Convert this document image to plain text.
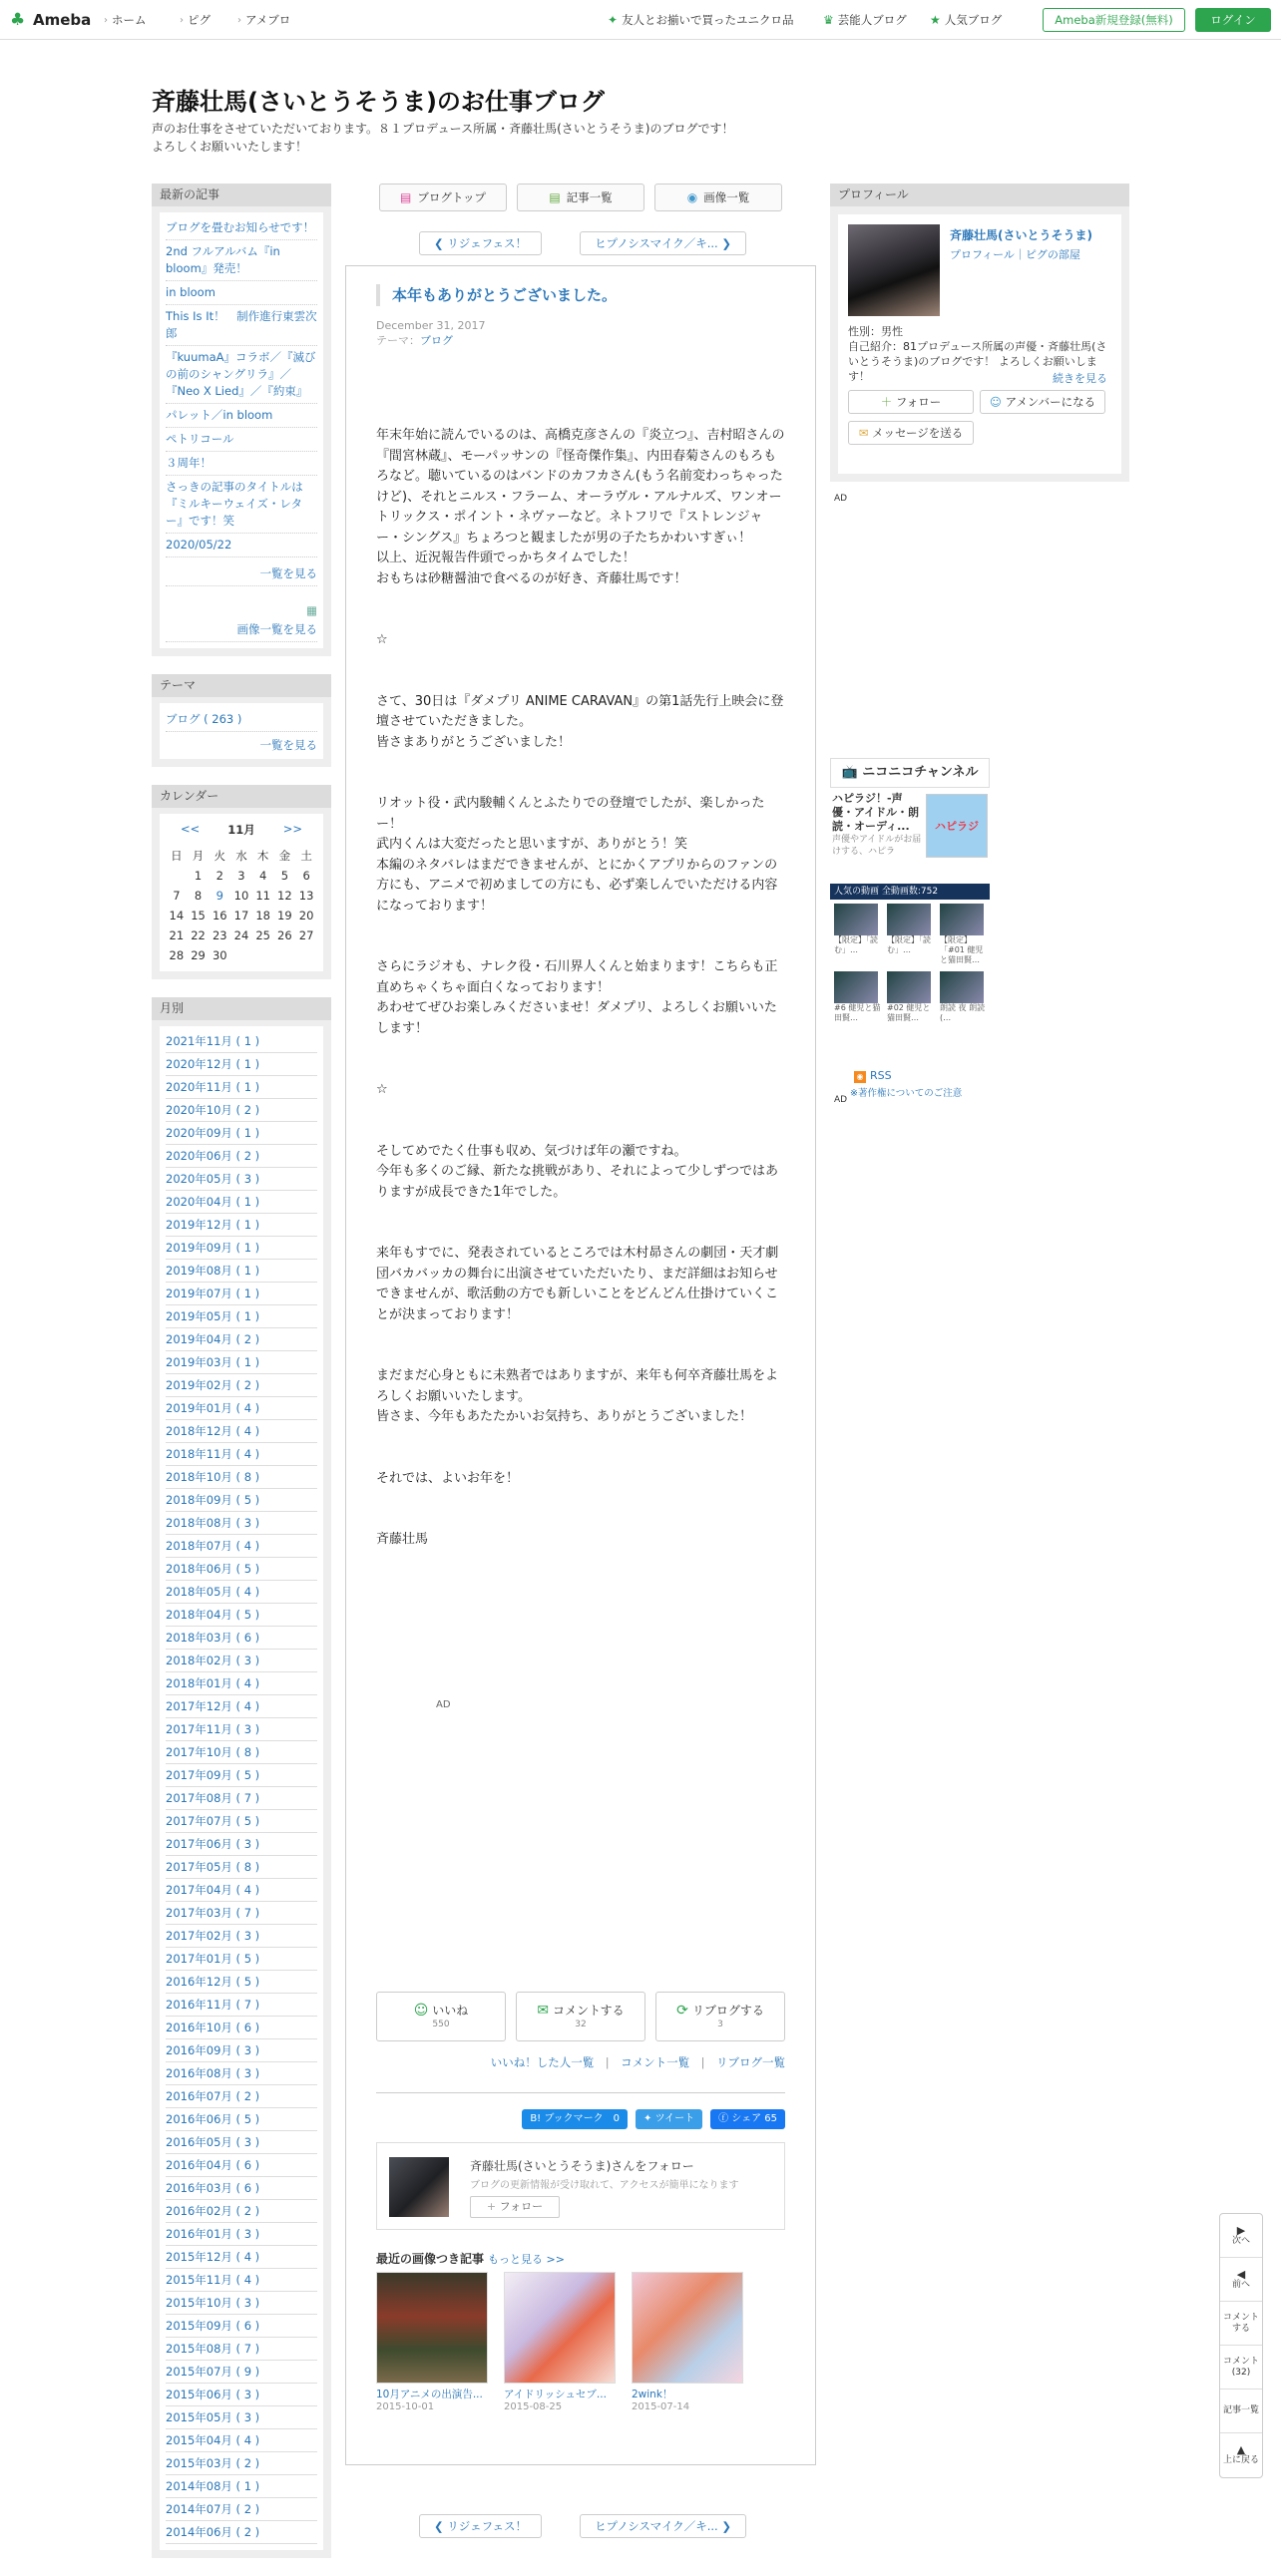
♣ Ameba › ホーム	› ピグ	› アメブロ	✦ 友人とお揃いで買ったユニクロ品 ♛ 芸能人ブログ ★ 人気ブログ	Ameba新規登録(無料)	ログイン
斉藤壮馬(さいとうそうま)のお仕事ブログ
声のお仕事をさせていただいております。８１プロデュース所属・斉藤壮馬(さいとうそうま)のブログです！
よろしくお願いいたします！
最新の記事
ブログを畳むお知らせです！
2nd フルアルバム『in bloom』発売！
in bloom
This Is It！　制作進行東雲次郎
『kuumaA』コラボ／『滅びの前のシャングリラ』／『Neo X Lied』／『約束』
パレット／in bloom
ペトリコール
３周年！
さっきの記事のタイトルは『ミルキーウェイズ・レター』です！笑
2020/05/22
一覧を見る

▦
画像一覧を見る
テーマ
ブログ ( 263 )
一覧を見る
カレンダー
<< 11月 >>
日	月	火	水	木	金	土
	1	2	3	4	5	6
7	8	9	10	11	12	13
14	15	16	17	18	19	20
21	22	23	24	25	26	27
28	29	30				
月別
2021年11月 ( 1 )
2020年12月 ( 1 )
2020年11月 ( 1 )
2020年10月 ( 2 )
2020年09月 ( 1 )
2020年06月 ( 2 )
2020年05月 ( 3 )
2020年04月 ( 1 )
2019年12月 ( 1 )
2019年09月 ( 1 )
2019年08月 ( 1 )
2019年07月 ( 1 )
2019年05月 ( 1 )
2019年04月 ( 2 )
2019年03月 ( 1 )
2019年02月 ( 2 )
2019年01月 ( 4 )
2018年12月 ( 4 )
2018年11月 ( 4 )
2018年10月 ( 8 )
2018年09月 ( 5 )
2018年08月 ( 3 )
2018年07月 ( 4 )
2018年06月 ( 5 )
2018年05月 ( 4 )
2018年04月 ( 5 )
2018年03月 ( 6 )
2018年02月 ( 3 )
2018年01月 ( 4 )
2017年12月 ( 4 )
2017年11月 ( 3 )
2017年10月 ( 8 )
2017年09月 ( 5 )
2017年08月 ( 7 )
2017年07月 ( 5 )
2017年06月 ( 3 )
2017年05月 ( 8 )
2017年04月 ( 4 )
2017年03月 ( 7 )
2017年02月 ( 3 )
2017年01月 ( 5 )
2016年12月 ( 5 )
2016年11月 ( 7 )
2016年10月 ( 6 )
2016年09月 ( 3 )
2016年08月 ( 3 )
2016年07月 ( 2 )
2016年06月 ( 5 )
2016年05月 ( 3 )
2016年04月 ( 6 )
2016年03月 ( 6 )
2016年02月 ( 2 )
2016年01月 ( 3 )
2015年12月 ( 4 )
2015年11月 ( 4 )
2015年10月 ( 3 )
2015年09月 ( 6 )
2015年08月 ( 7 )
2015年07月 ( 9 )
2015年06月 ( 3 )
2015年05月 ( 3 )
2015年04月 ( 4 )
2015年03月 ( 2 )
2014年08月 ( 1 )
2014年07月 ( 2 )
2014年06月 ( 2 )
▤ ブログトップ	▤ 記事一覧	◉ 画像一覧
❮ リジェフェス！	ヒプノシスマイク／キ... ❯
本年もありがとうございました。
December 31, 2017
テーマ：ブログ

年末年始に読んでいるのは、高橋克彦さんの『炎立つ』、吉村昭さんの『間宮林蔵』、モーパッサンの『怪奇傑作集』、内田春菊さんのもろもろなど。聴いているのはバンドのカフカさん(もう名前変わっちゃったけど)、それとニルス・フラーム、オーラヴル・アルナルズ、ワンオートリックス・ポイント・ネヴァーなど。ネトフリで『ストレンジャー・シングス』ちょろつと観ましたが男の子たちかわいすぎぃ！
以上、近況報告件頭でっかちタイムでした！
おもちは砂糖醤油で食べるのが好き、斉藤壮馬です！

☆

さて、30日は『ダメプリ ANIME CARAVAN』の第1話先行上映会に登壇させていただきました。
皆さまありがとうございました！

リオット役・武内駿輔くんとふたりでの登壇でしたが、楽しかったー！
武内くんは大変だったと思いますが、ありがとう！笑
本編のネタバレはまだできませんが、とにかくアプリからのファンの方にも、アニメで初めましての方にも、必ず楽しんでいただける内容になっております！

さらにラジオも、ナレク役・石川界人くんと始まります！こちらも正直めちゃくちゃ面白くなっております！
あわせてぜひお楽しみくださいませ！ダメプリ、よろしくお願いいたします！

☆

そしてめでたく仕事も収め、気づけば年の瀬ですね。
今年も多くのご縁、新たな挑戦があり、それによって少しずつではありますが成長できた1年でした。

来年もすでに、発表されているところでは木村昴さんの劇団・天才劇団バカバッカの舞台に出演させていただいたり、まだ詳細はお知らせできませんが、歌活動の方でも新しいことをどんどん仕掛けていくことが決まっております！

まだまだ心身ともに未熟者ではありますが、来年も何卒斉藤壮馬をよろしくお願いいたします。
皆さま、今年もあたたかいお気持ち、ありがとうございました！

それでは、よいお年を！

斉藤壮馬

AD
☺ いいね
550
✉ コメントする
32
⟳ リブログする
3
いいね！した人一覧　|　コメント一覧　|　リブログ一覧
B! ブックマーク　0	✦ ツイート	ⓕ シェア 65
斉藤壮馬(さいとうそうま)さんをフォロー
ブログの更新情報が受け取れて、アクセスが簡単になります
+ フォロー
最近の画像つき記事 もっと見る >>
10月アニメの出演告...
2015-10-01
アイドリッシュセブ...
2015-08-25
2wink！
2015-07-14
❮ リジェフェス！	ヒプノシスマイク／キ... ❯
プロフィール
斉藤壮馬(さいとうそうま)
プロフィール｜ピグの部屋
性別：男性
自己紹介：81プロデュース所属の声優・斉藤壮馬(さいとうそうま)のブログです！ よろしくお願いします！	続きを見る
＋ フォロー	☺ アメンバーになる
✉ メッセージを送る
AD
📺 ニコニコチャンネル
ハピラジ！-声優・アイドル・朗読・オーディ...
声優やアイドルがお届けする、ハピラ
ハピラジ
人気の動画 全動画数:752
【限定】「読む」…
【限定】「読む」…
【限定】「#01 健児と猫田賢…
#6 健児と猫田賢…
#02 健児と猫田賢…
朗読 夜 朗読 (…
◉ RSS
※著作権についてのご注意
AD
▶
次へ
◀
前へ
コメントする
コメント(32)
記事一覧
▲
上に戻る
